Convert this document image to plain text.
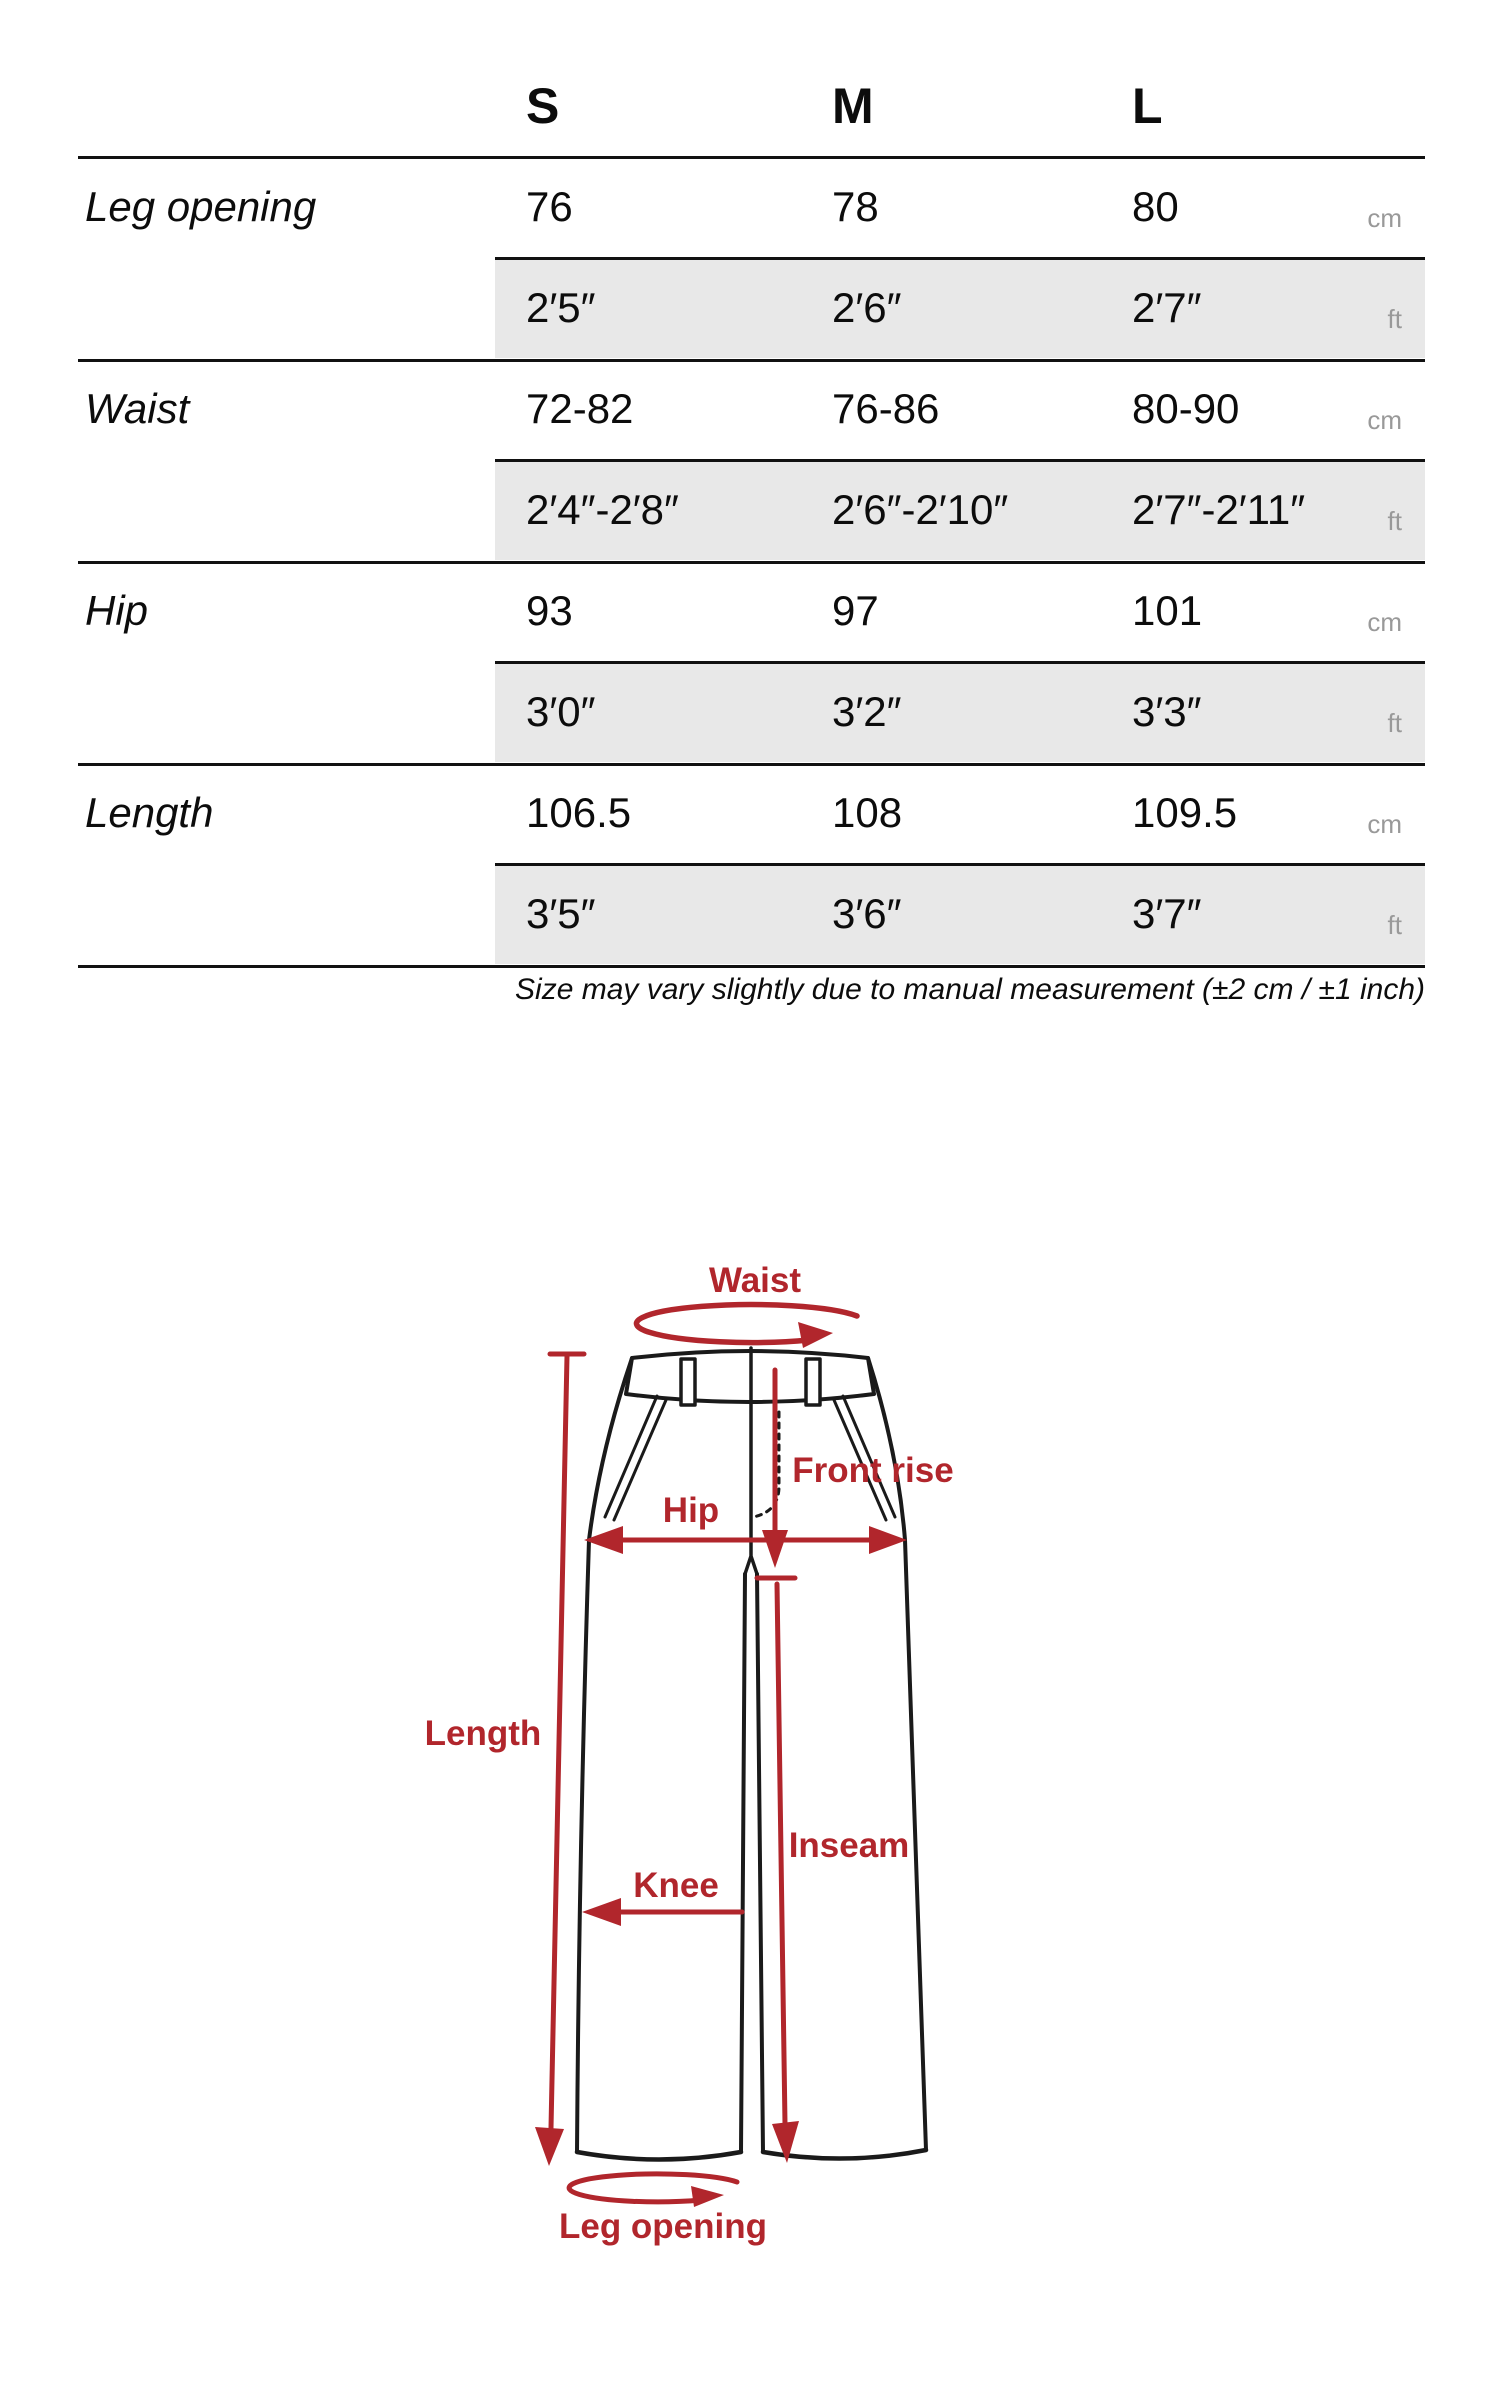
S	M	L
Leg opening	76	78	80	cm
2′5″	2′6″	2′7″	ft
Waist	72-82	76-86	80-90	cm
2′4″-2′8″	2′6″-2′10″	2′7″-2′11″	ft
Hip	93	97	101	cm
3′0″	3′2″	3′3″	ft
Length	106.5	108	109.5	cm
3′5″	3′6″	3′7″	ft
Size may vary slightly due to manual measurement (±2 cm / ±1 inch)
Waist
Front rise
Hip
Length
Knee
Inseam
Leg opening
